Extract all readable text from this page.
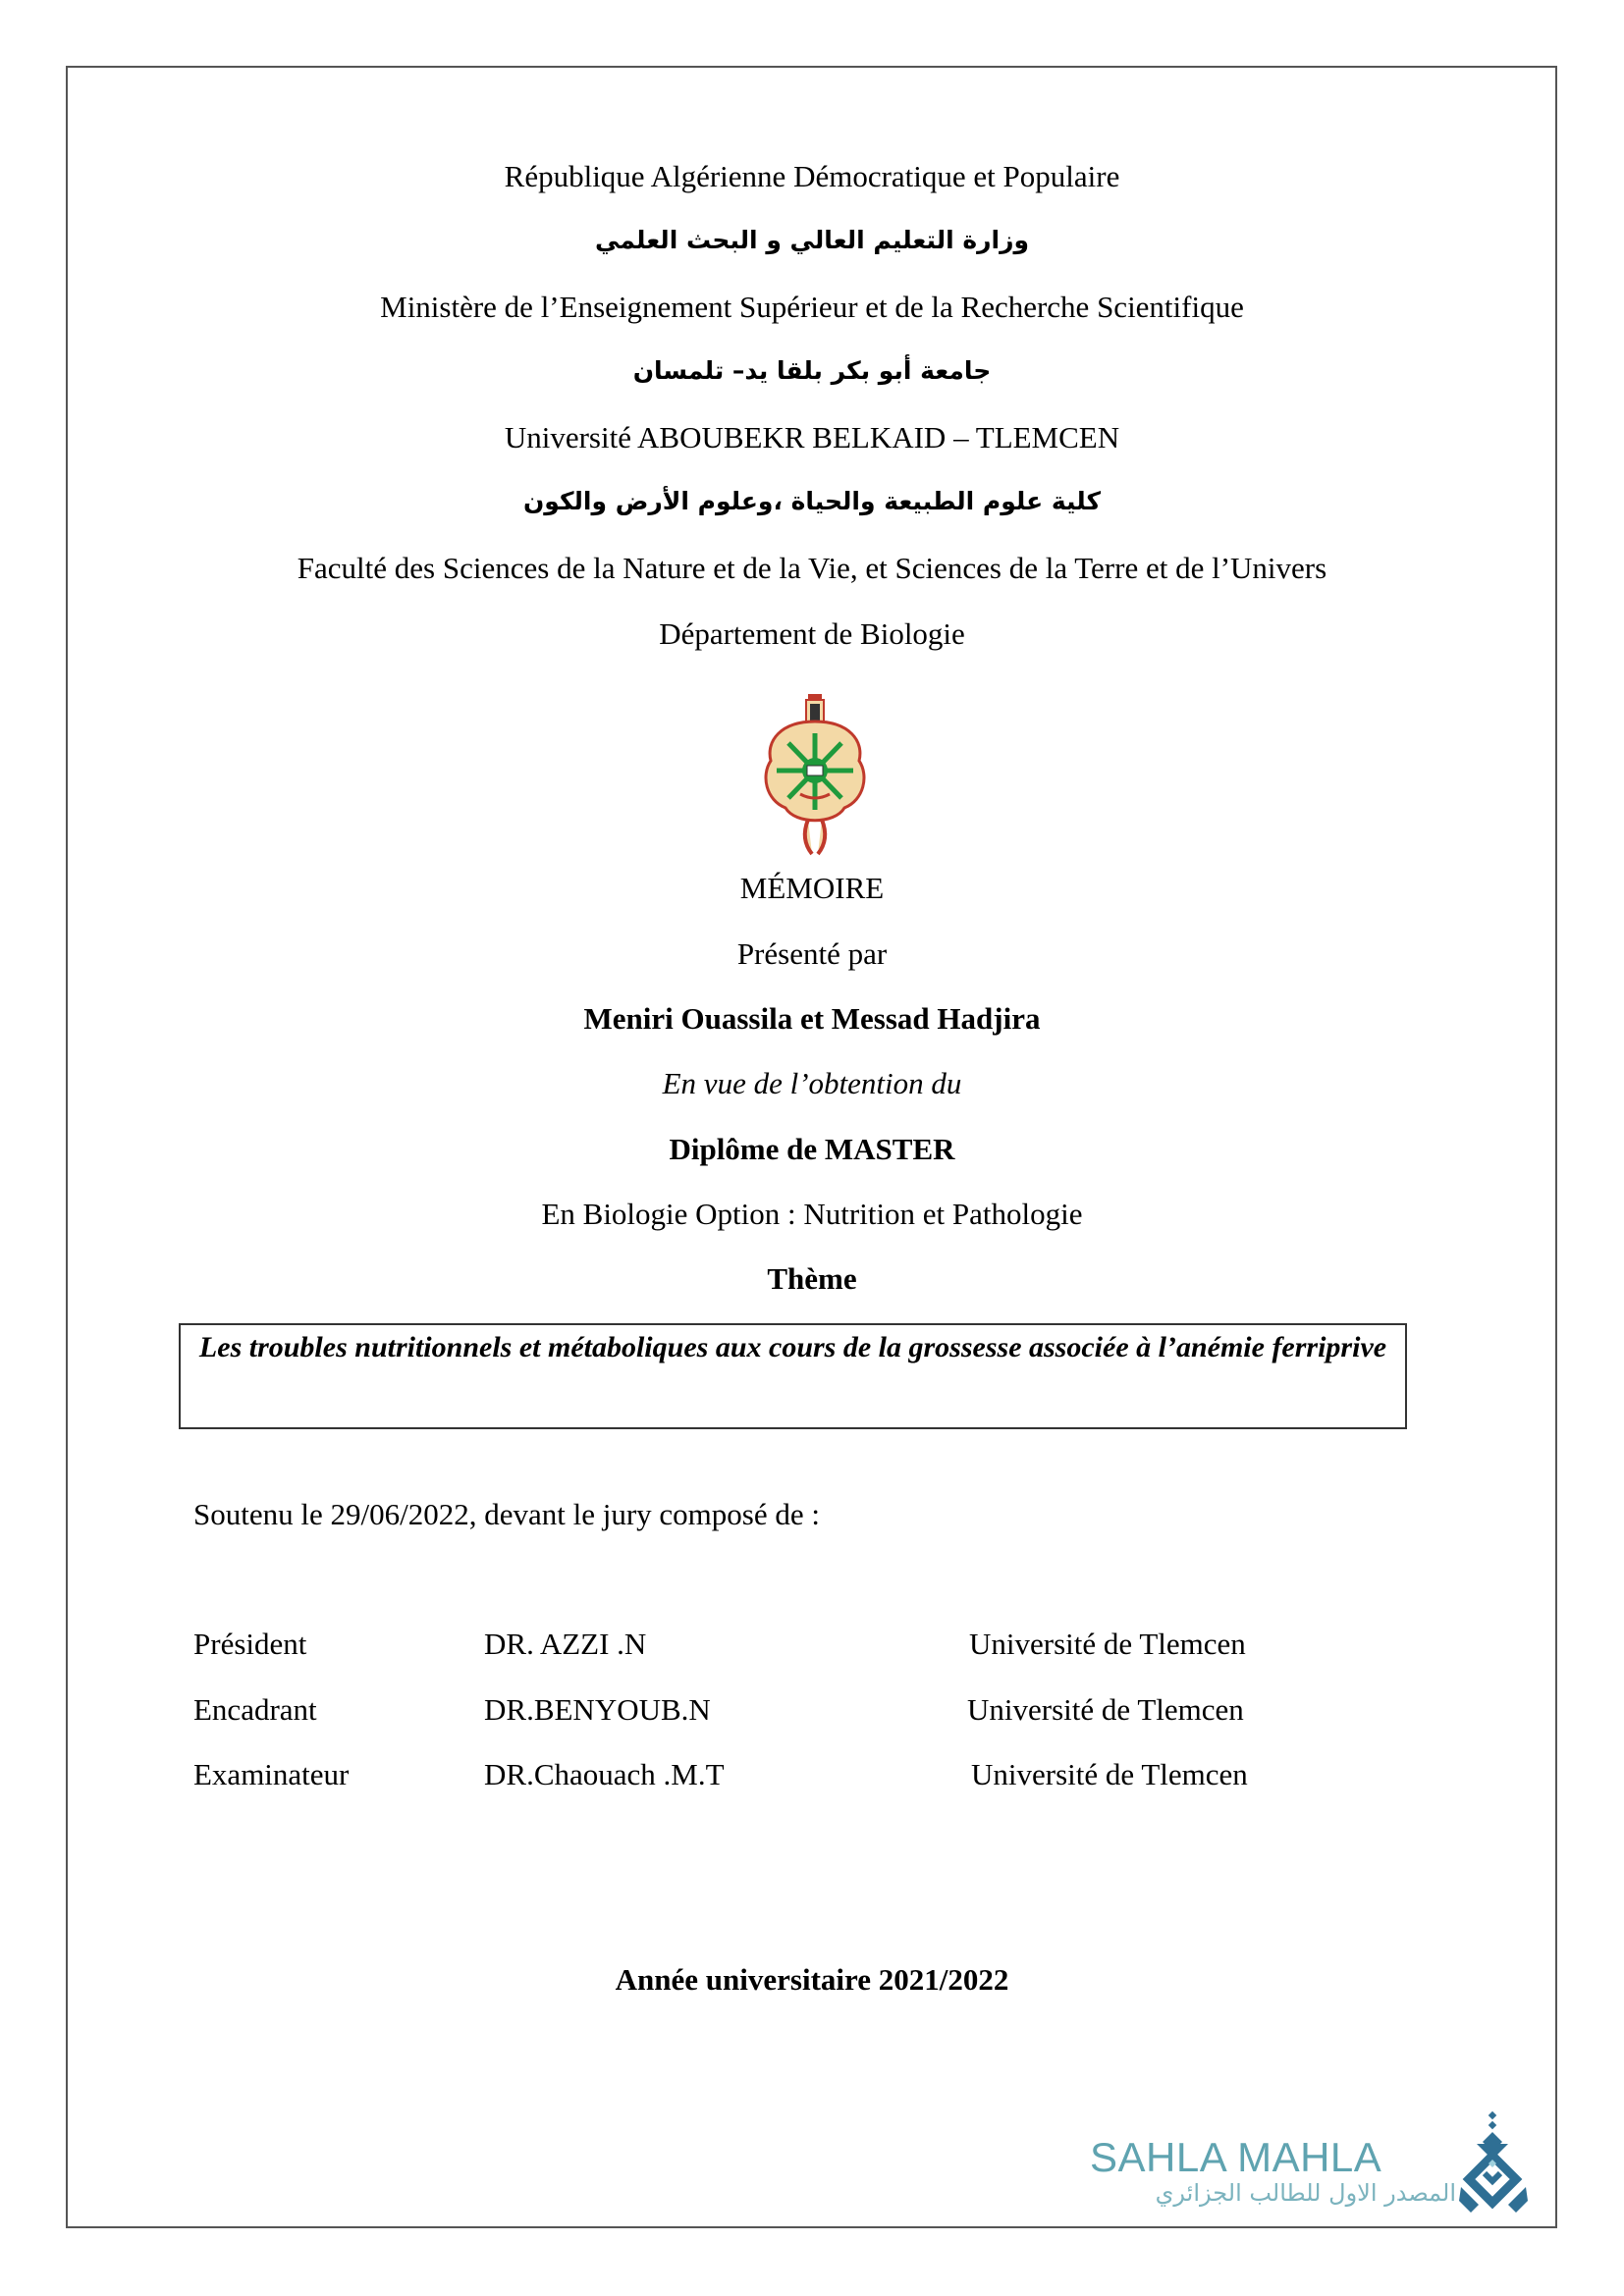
République Algérienne Démocratique et Populaire
وزارة التعليم العالي و البحث العلمي
Ministère de l’Enseignement Supérieur et de la Recherche Scientifique
جامعة أبو بكر بلقا يد– تلمسان
Université ABOUBEKR BELKAID – TLEMCEN
كلية علوم الطبيعة والحياة ،وعلوم الأرض والكون
Faculté des Sciences de la Nature et de la Vie, et Sciences de la Terre et de l’Univers
Département de Biologie
MÉMOIRE
Présenté par
Meniri Ouassila et Messad Hadjira
En vue de l’obtention du
Diplôme de MASTER
En Biologie Option : Nutrition et Pathologie
Thème
Les troubles nutritionnels et métaboliques aux cours de la grossesse associée à l’anémie ferriprive
Soutenu le 29/06/2022, devant le jury composé de :
Président	DR. AZZI .N	Université de Tlemcen
Encadrant	DR.BENYOUB.N	Université de Tlemcen
Examinateur	DR.Chaouach .M.T	Université de Tlemcen
Année universitaire 2021/2022
SAHLA MAHLA
المصدر الاول للطالب الجزائري
